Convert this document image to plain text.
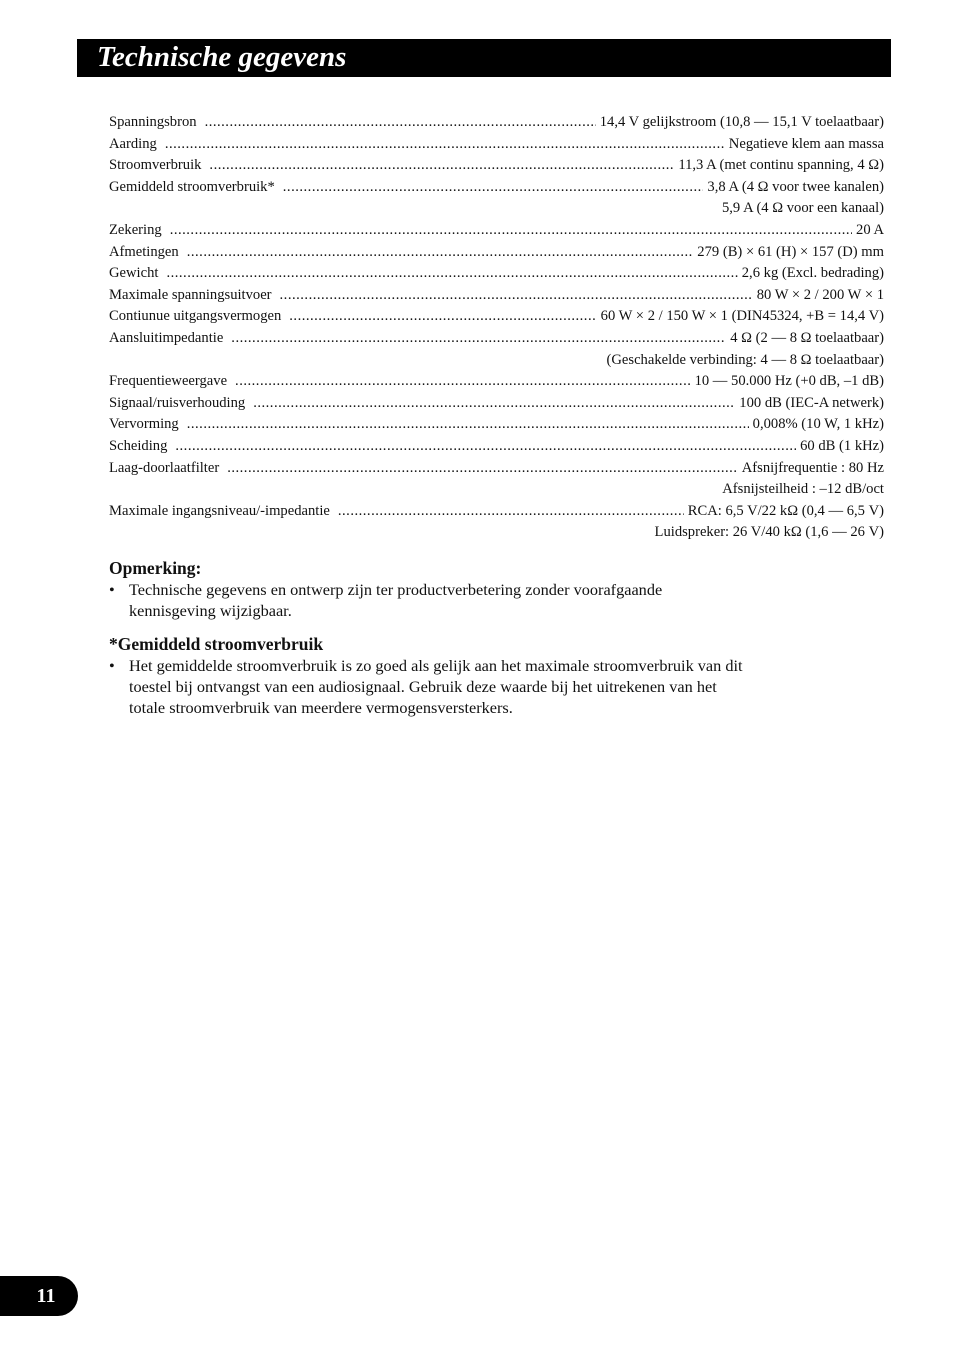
Technische gegevens
Spanningsbron .....	14,4 V gelijkstroom (10,8 — 15,1 V toelaatbaar)
Aarding .....	Negatieve klem aan massa
Stroomverbruik .....	11,3 A (met continu spanning, 4 Ω)
Gemiddeld stroomverbruik* .....	3,8 A (4 Ω voor twee kanalen)
5,9 A (4 Ω voor een kanaal)
Zekering .....	20 A
Afmetingen .....	279 (B) × 61 (H) × 157 (D) mm
Gewicht .....	2,6 kg (Excl. bedrading)
Maximale spanningsuitvoer .....	80 W × 2 / 200 W × 1
Contiunue uitgangsvermogen .....	60 W × 2 / 150 W × 1 (DIN45324, +B = 14,4 V)
Aansluitimpedantie .....	4 Ω (2 — 8 Ω toelaatbaar)
(Geschakelde verbinding: 4 — 8 Ω toelaatbaar)
Frequentieweergave .....	10 — 50.000 Hz (+0 dB, –1 dB)
Signaal/ruisverhouding .....	100 dB (IEC-A netwerk)
Vervorming .....	0,008% (10 W, 1 kHz)
Scheiding .....	60 dB (1 kHz)
Laag-doorlaatfilter .....	Afsnijfrequentie : 80 Hz
Afsnijsteilheid : –12 dB/oct
Maximale ingangsniveau/-impedantie .....	RCA: 6,5 V/22 kΩ (0,4 — 6,5 V)
Luidspreker: 26 V/40 kΩ (1,6 — 26 V)
Opmerking:
• Technische gegevens en ontwerp zijn ter productverbetering zonder voorafgaande kennisgeving wijzigbaar.
*Gemiddeld stroomverbruik
• Het gemiddelde stroomverbruik is zo goed als gelijk aan het maximale stroomverbruik van dit toestel bij ontvangst van een audiosignaal. Gebruik deze waarde bij het uitrekenen van het totale stroomverbruik van meerdere vermogensversterkers.
11
